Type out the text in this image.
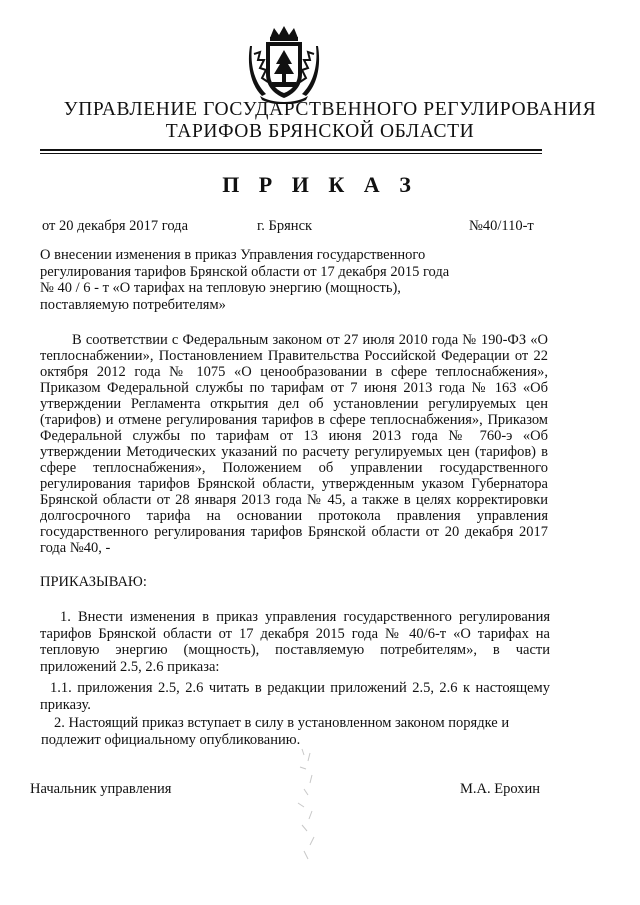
УПРАВЛЕНИЕ ГОСУДАРСТВЕННОГО РЕГУЛИРОВАНИЯ
ТАРИФОВ БРЯНСКОЙ ОБЛАСТИ
П Р И К А З
от 20 декабря 2017 года	г. Брянск	№40/110-т
О внесении изменения в приказ Управления государственного
регулирования тарифов Брянской области от 17 декабря 2015 года
№ 40 / 6 - т «О тарифах на тепловую энергию (мощность),
поставляемую потребителям»
В соответствии с Федеральным законом от 27 июля 2010 года № 190-ФЗ «О теплоснабжении», Постановлением Правительства Российской Федерации от 22 октября 2012 года № 1075 «О ценообразовании в сфере теплоснабжения», Приказом Федеральной службы по тарифам от 7 июня 2013 года № 163 «Об утверждении Регламента открытия дел об установлении регулируемых цен (тарифов) и отмене регулирования тарифов в сфере теплоснабжения», Приказом Федеральной службы по тарифам от 13 июня 2013 года № 760-э «Об утверждении Методических указаний по расчету регулируемых цен (тарифов) в сфере теплоснабжения», Положением об управлении государственного регулирования тарифов Брянской области, утвержденным указом Губернатора Брянской области от 28 января 2013 года № 45, а также в целях корректировки долгосрочного тарифа на основании протокола правления управления государственного регулирования тарифов Брянской области от 20 декабря 2017 года №40, -
ПРИКАЗЫВАЮ:
1. Внести изменения в приказ управления государственного регулирования тарифов Брянской области от 17 декабря 2015 года № 40/6-т «О тарифах на тепловую энергию (мощность), поставляемую потребителям», в части приложений 2.5, 2.6 приказа:
1.1. приложения 2.5, 2.6 читать в редакции приложений 2.5, 2.6 к настоящему приказу.
2. Настоящий приказ вступает в силу в установленном законом порядке и
подлежит официальному опубликованию.
Начальник управления	М.А. Ерохин
